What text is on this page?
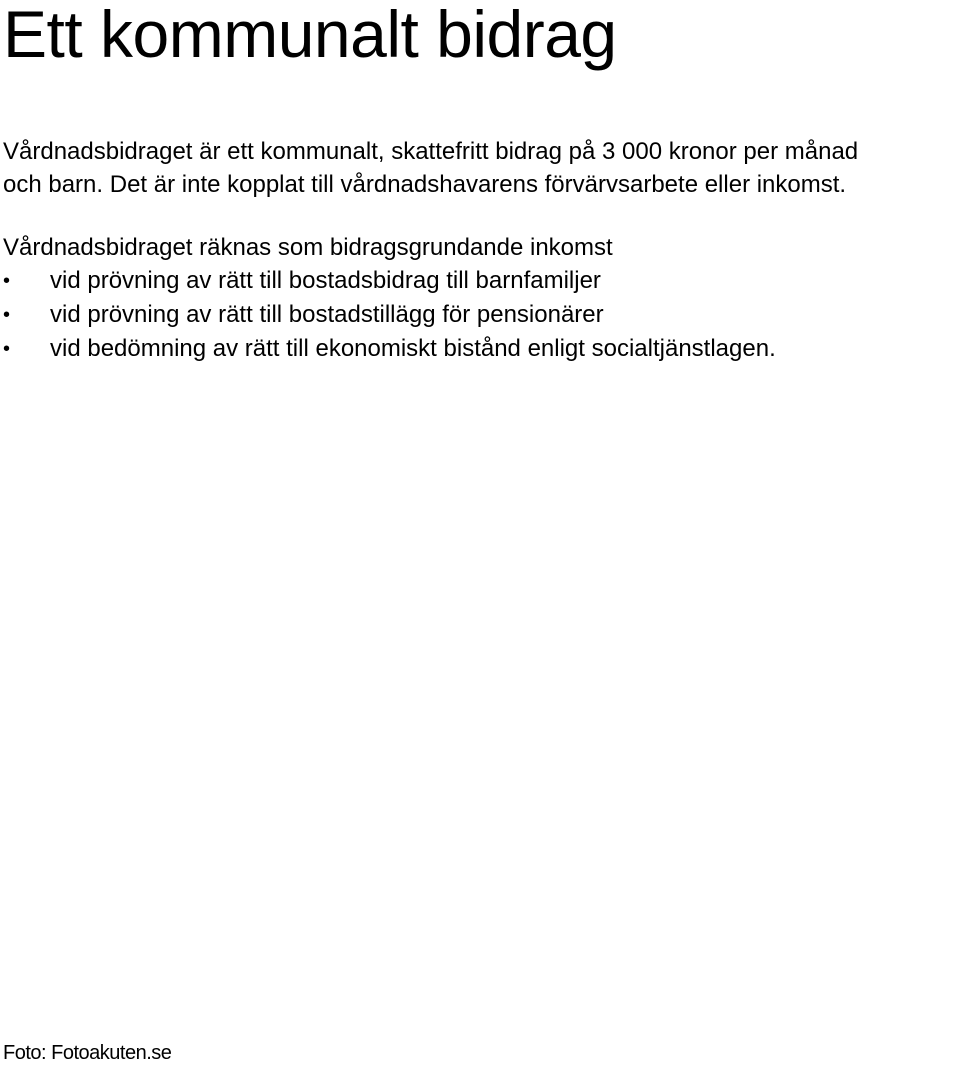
Ett kommunalt bidrag

Vårdnadsbidraget är ett kommunalt, skattefritt bidrag på 3 000 kronor per månad
och barn. Det är inte kopplat till vårdnadshavarens förvärvsarbete eller inkomst.

Vårdnadsbidraget räknas som bidragsgrundande inkomst

• vid prövning av rätt till bostadsbidrag till barnfamiljer
• vid prövning av rätt till bostadstillägg för pensionärer
• vid bedömning av rätt till ekonomiskt bistånd enligt socialtjänstlagen.

Foto: Fotoakuten.se
